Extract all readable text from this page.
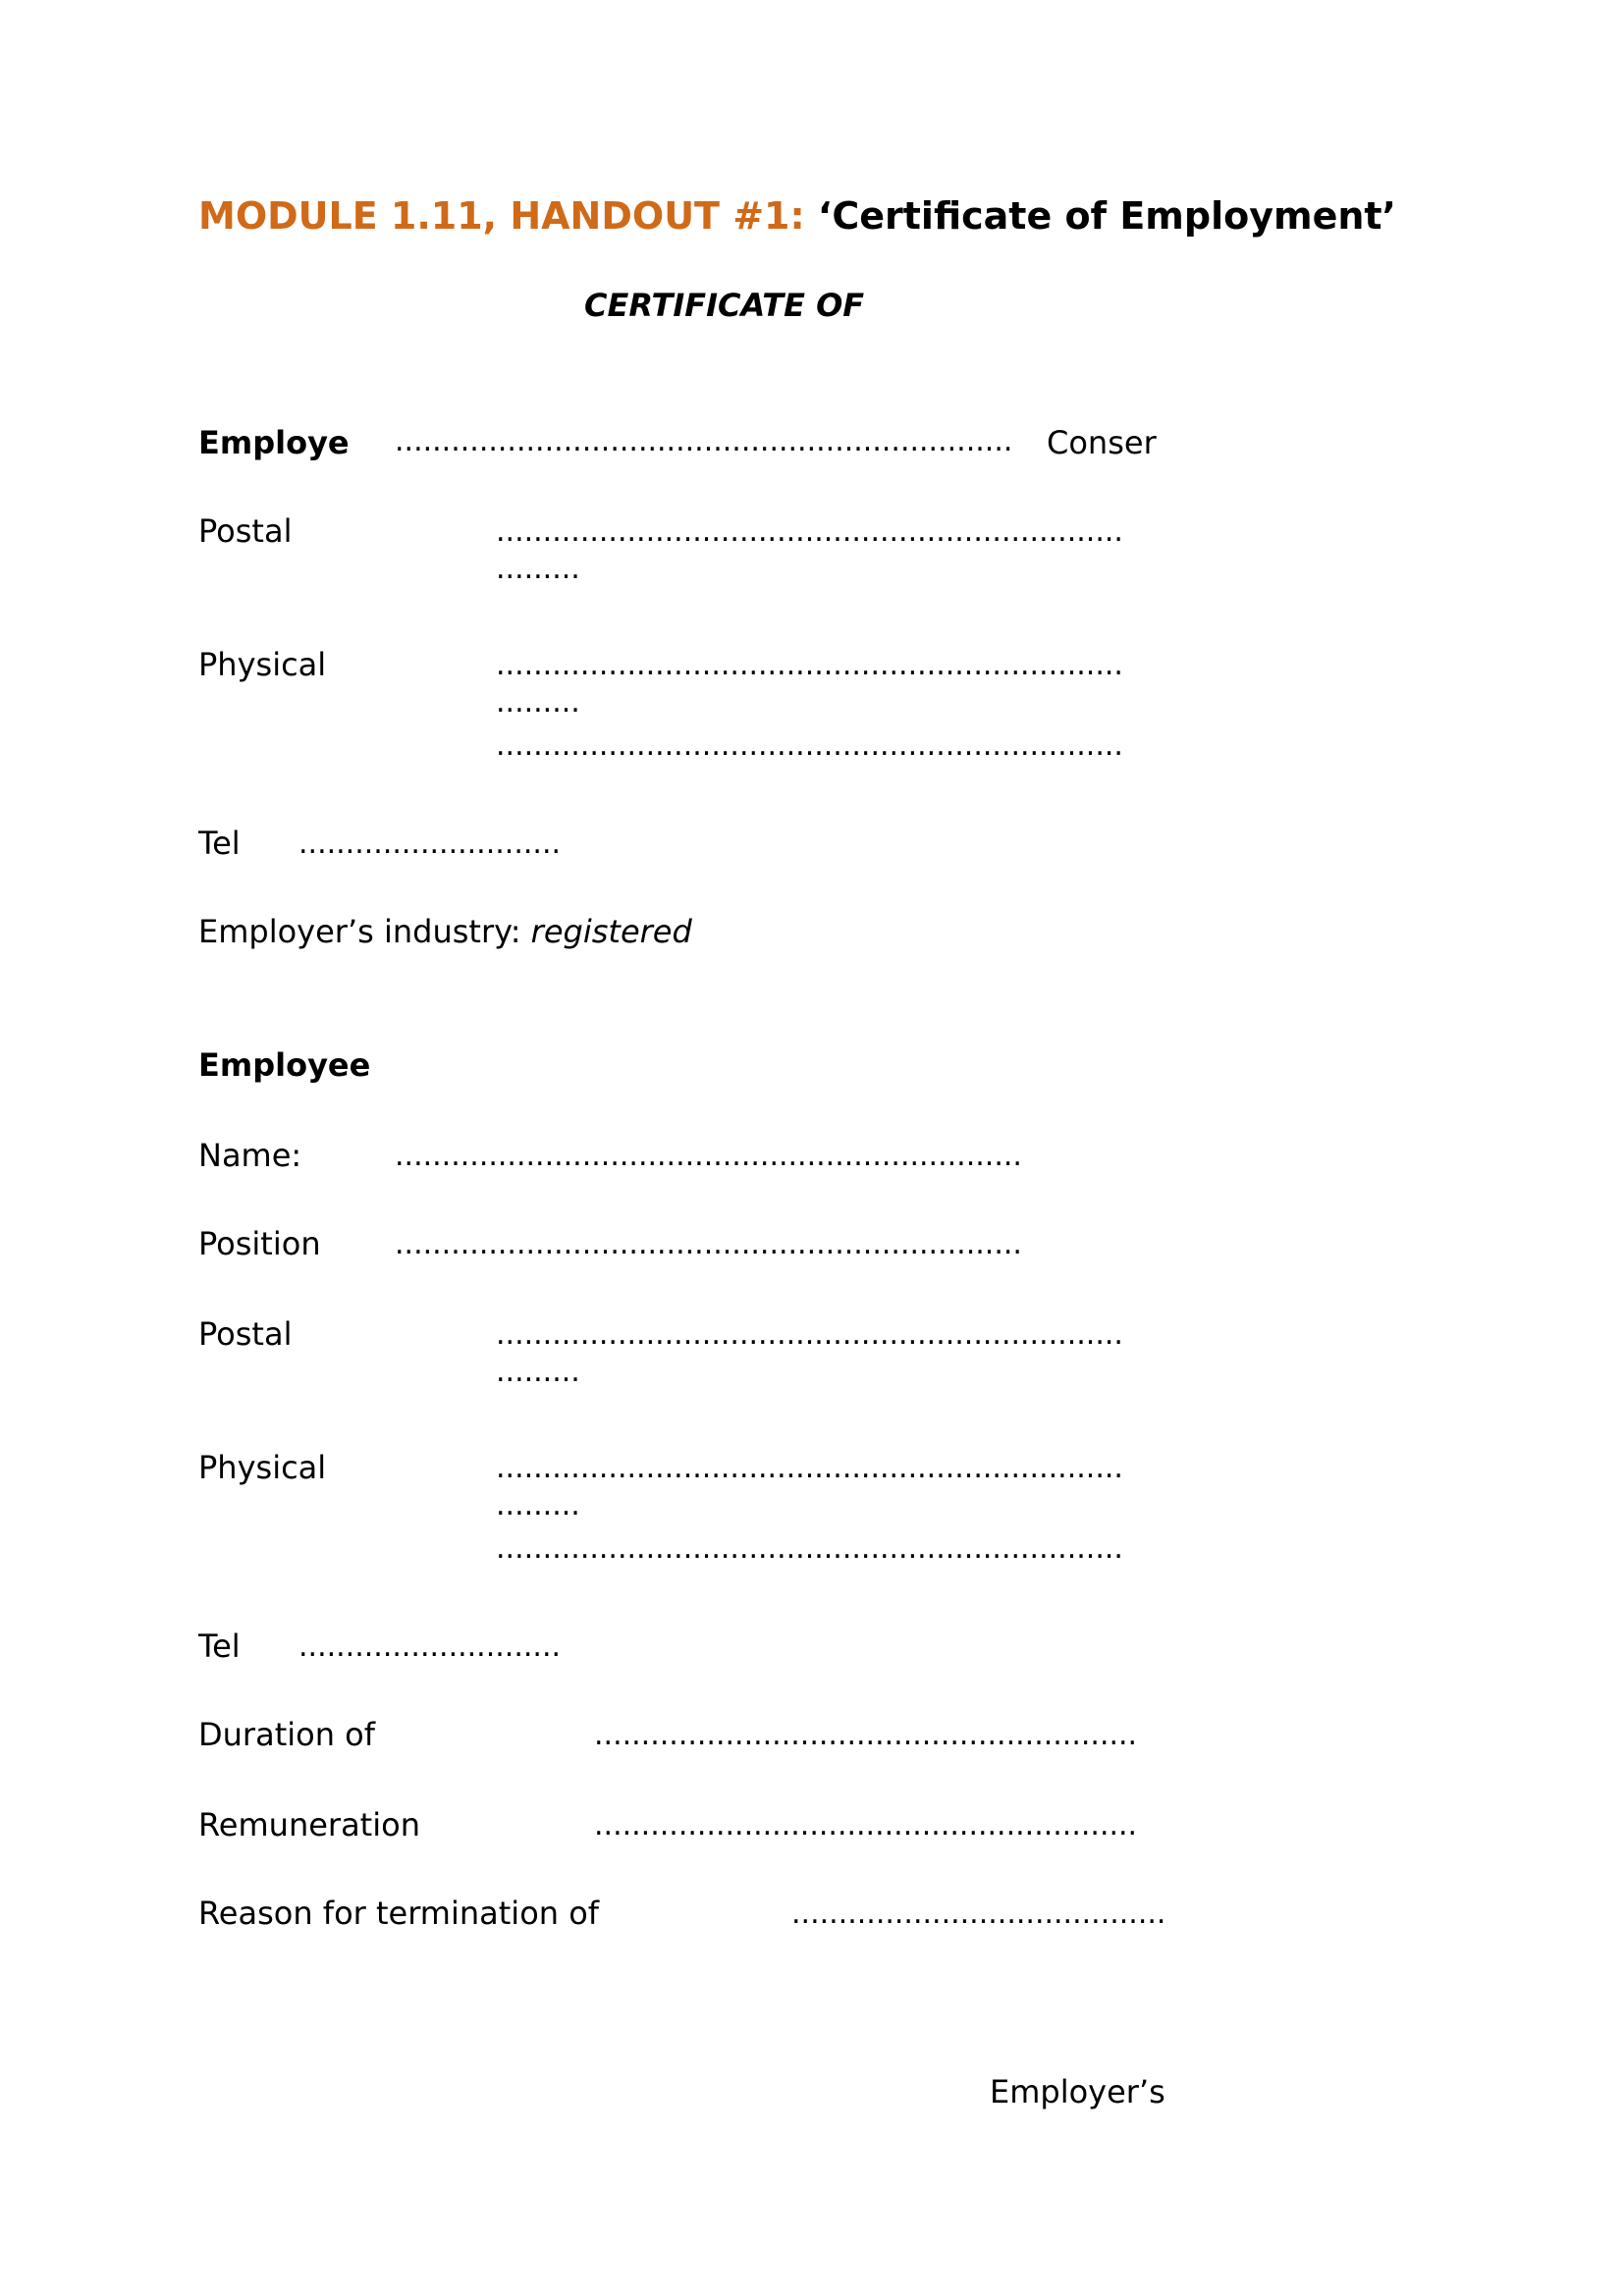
MODULE 1.11, HANDOUT #1: ‘Certificate of Employment’
CERTIFICATE OF
Employe ..................................................................	Conser
Postal	...................................................................
.........
Physical	...................................................................
.........
...................................................................
Tel ............................
Employer’s industry: registered
Employee
Name:	...................................................................
Position	...................................................................
Postal	...................................................................
.........
Physical	...................................................................
.........
...................................................................
Tel ............................
Duration of	..........................................................
Remuneration	..........................................................
Reason for termination of	........................................
Employer’s
